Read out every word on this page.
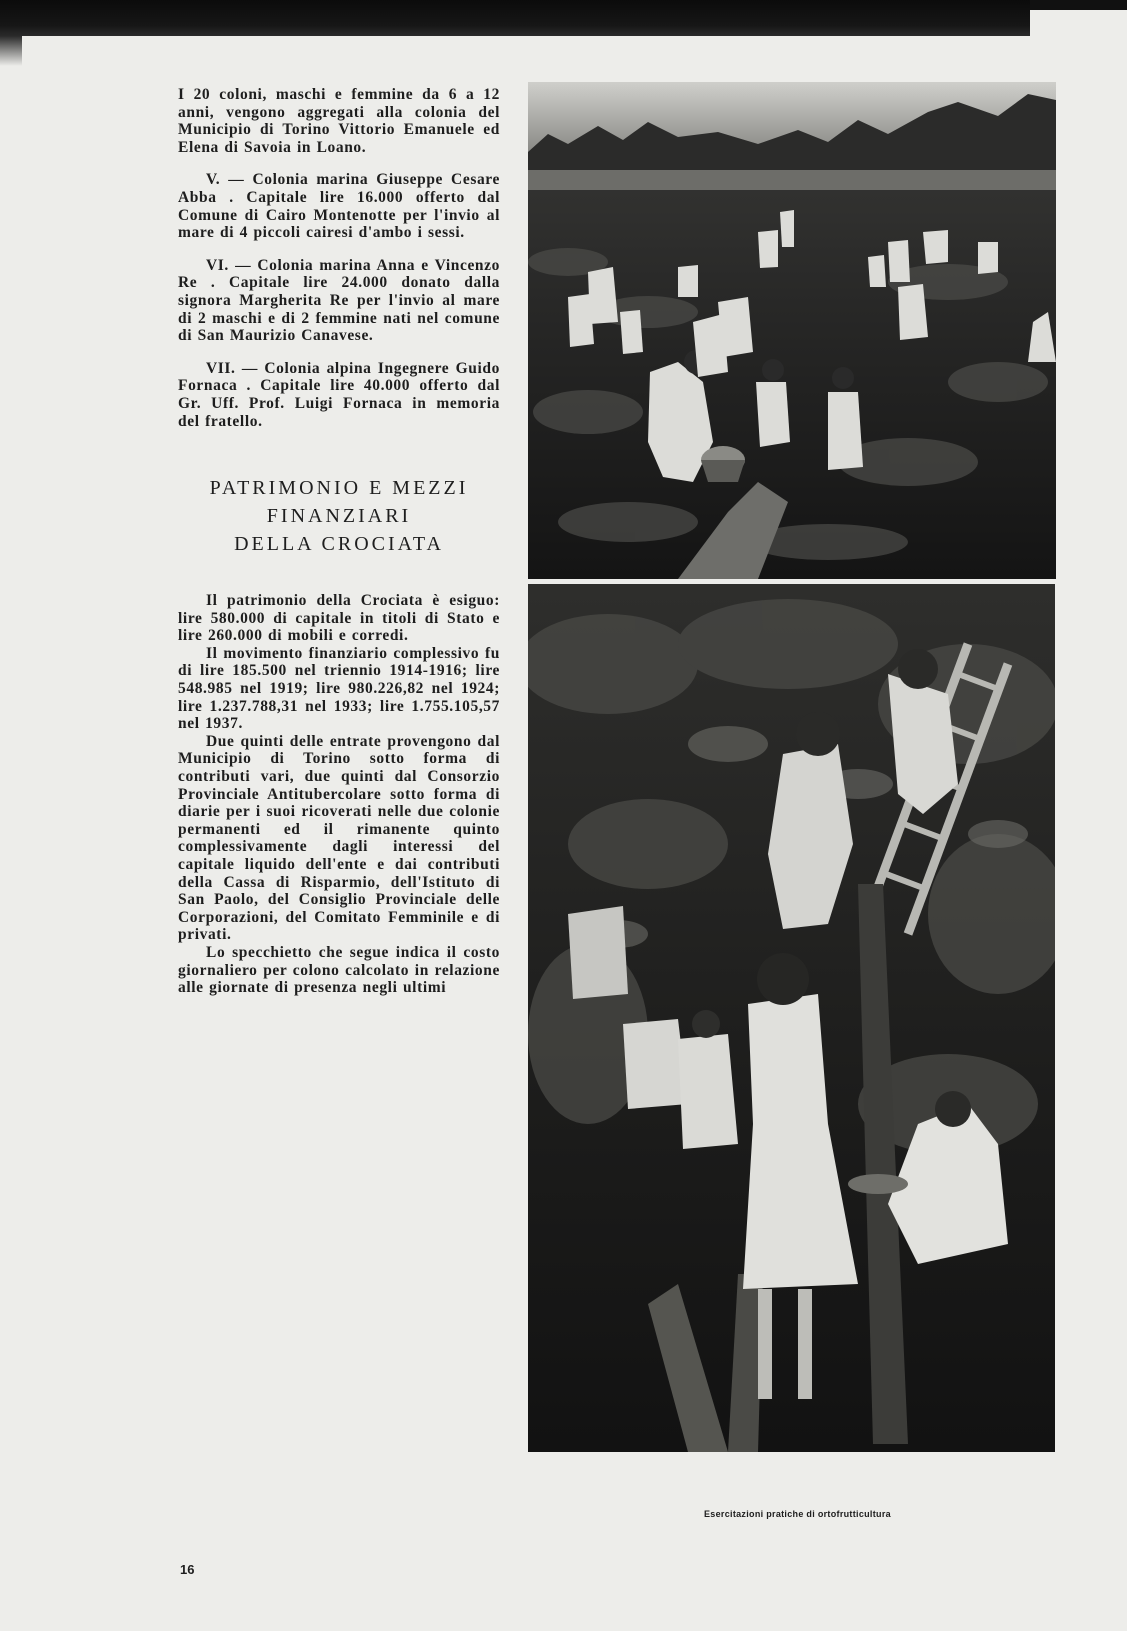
I 20 coloni, maschi e femmine da 6 a 12 anni, vengono aggregati alla colonia del Municipio di Torino Vittorio Emanuele ed Elena di Savoia in Loano.

V. — Colonia marina Giuseppe Cesare Abba . Capitale lire 16.000 offerto dal Comune di Cairo Montenotte per l'invio al mare di 4 piccoli cairesi d'ambo i sessi.

VI. — Colonia marina Anna e Vincenzo Re . Capitale lire 24.000 donato dalla signora Margherita Re per l'invio al mare di 2 maschi e di 2 femmine nati nel comune di San Maurizio Canavese.

VII. — Colonia alpina Ingegnere Guido Fornaca . Capitale lire 40.000 offerto dal Gr. Uff. Prof. Luigi Fornaca in memoria del fratello.

PATRIMONIO E MEZZI
FINANZIARI
DELLA CROCIATA

Il patrimonio della Crociata è esiguo: lire 580.000 di capitale in titoli di Stato e lire 260.000 di mobili e corredi.

Il movimento finanziario complessivo fu di lire 185.500 nel triennio 1914-1916; lire 548.985 nel 1919; lire 980.226,82 nel 1924; lire 1.237.788,31 nel 1933; lire 1.755.105,57 nel 1937.

Due quinti delle entrate provengono dal Municipio di Torino sotto forma di contributi vari, due quinti dal Consorzio Provinciale Antitubercolare sotto forma di diarie per i suoi ricoverati nelle due colonie permanenti ed il rimanente quinto complessivamente dagli interessi del capitale liquido dell'ente e dai contributi della Cassa di Risparmio, dell'Istituto di San Paolo, del Consiglio Provinciale delle Corporazioni, del Comitato Femminile e di privati.

Lo specchietto che segue indica il costo giornaliero per colono calcolato in relazione alle giornate di presenza negli ultimi

16
Esercitazioni pratiche di ortofrutticultura
